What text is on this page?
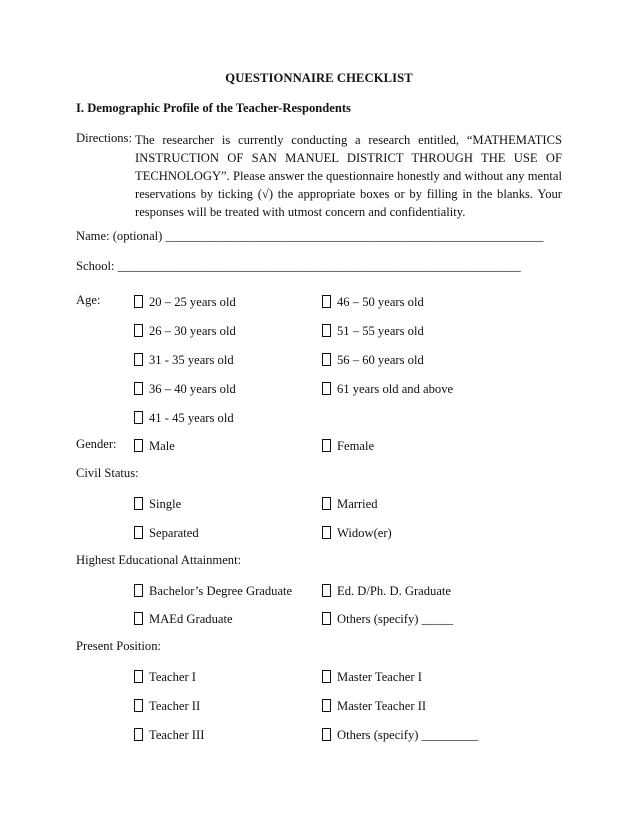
QUESTIONNAIRE CHECKLIST
I. Demographic Profile of the Teacher-Respondents
Directions: The researcher is currently conducting a research entitled, “MATHEMATICS INSTRUCTION OF SAN MANUEL DISTRICT THROUGH THE USE OF TECHNOLOGY”. Please answer the questionnaire honestly and without any mental reservations by ticking (√) the appropriate boxes or by filling in the blanks. Your responses will be treated with utmost concern and confidentiality.
Name: (optional) ____________________________________________________________
School: ________________________________________________________________
Age:	20 – 25 years old	46 – 50 years old
26 – 30 years old	51 – 55 years old
31 - 35 years old	56 – 60 years old
36 – 40 years old	61 years old and above
41 - 45 years old
Gender:	Male	Female
Civil Status:
Single	Married
Separated	Widow(er)
Highest Educational Attainment:
Bachelor’s Degree Graduate	Ed. D/Ph. D. Graduate
MAEd Graduate	Others (specify) _____
Present Position:
Teacher I	Master Teacher I
Teacher II	Master Teacher II
Teacher III	Others (specify) _________
